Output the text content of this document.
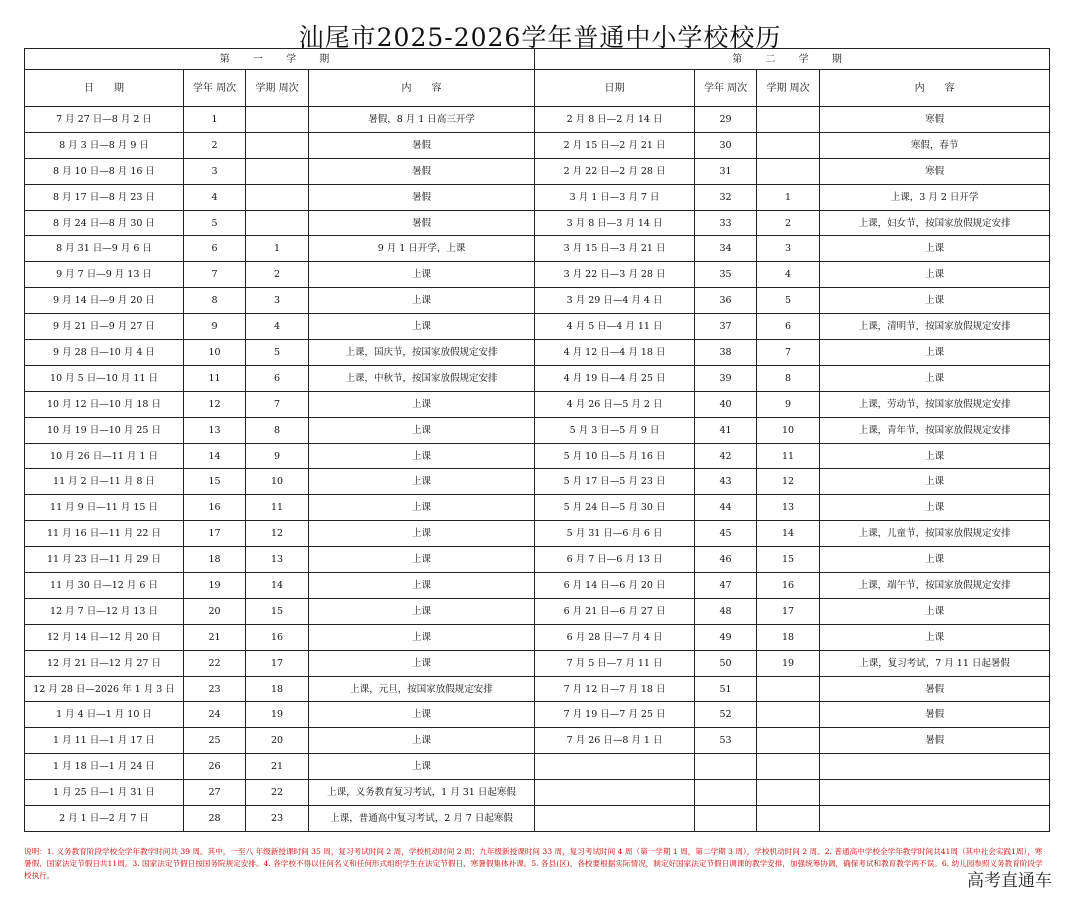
汕尾市2025-2026学年普通中小学校校历
第 一 学 期				第 二 学 期			
日　　期	学年 周次	学期 周次	内　　容	日期	学年 周次	学期 周次	内　　容
7 月 27 日—8 月 2 日	1		暑假，8 月 1 日高三开学	2 月 8 日—2 月 14 日	29		寒假
8 月 3 日—8 月 9 日	2		暑假	2 月 15 日—2 月 21 日	30		寒假，春节
8 月 10 日—8 月 16 日	3		暑假	2 月 22 日—2 月 28 日	31		寒假
8 月 17 日—8 月 23 日	4		暑假	3 月 1 日—3 月 7 日	32	1	上课，3 月 2 日开学
8 月 24 日—8 月 30 日	5		暑假	3 月 8 日—3 月 14 日	33	2	上课，妇女节，按国家放假规定安排
8 月 31 日—9 月 6 日	6	1	9 月 1 日开学，上课	3 月 15 日—3 月 21 日	34	3	上课
9 月 7 日—9 月 13 日	7	2	上课	3 月 22 日—3 月 28 日	35	4	上课
9 月 14 日—9 月 20 日	8	3	上课	3 月 29 日—4 月 4 日	36	5	上课
9 月 21 日—9 月 27 日	9	4	上课	4 月 5 日—4 月 11 日	37	6	上课，清明节，按国家放假规定安排
9 月 28 日—10 月 4 日	10	5	上课，国庆节，按国家放假规定安排	4 月 12 日—4 月 18 日	38	7	上课
10 月 5 日—10 月 11 日	11	6	上课，中秋节，按国家放假规定安排	4 月 19 日—4 月 25 日	39	8	上课
10 月 12 日—10 月 18 日	12	7	上课	4 月 26 日—5 月 2 日	40	9	上课，劳动节，按国家放假规定安排
10 月 19 日—10 月 25 日	13	8	上课	5 月 3 日—5 月 9 日	41	10	上课，青年节，按国家放假规定安排
10 月 26 日—11 月 1 日	14	9	上课	5 月 10 日—5 月 16 日	42	11	上课
11 月 2 日—11 月 8 日	15	10	上课	5 月 17 日—5 月 23 日	43	12	上课
11 月 9 日—11 月 15 日	16	11	上课	5 月 24 日—5 月 30 日	44	13	上课
11 月 16 日—11 月 22 日	17	12	上课	5 月 31 日—6 月 6 日	45	14	上课，儿童节，按国家放假规定安排
11 月 23 日—11 月 29 日	18	13	上课	6 月 7 日—6 月 13 日	46	15	上课
11 月 30 日—12 月 6 日	19	14	上课	6 月 14 日—6 月 20 日	47	16	上课，端午节，按国家放假规定安排
12 月 7 日—12 月 13 日	20	15	上课	6 月 21 日—6 月 27 日	48	17	上课
12 月 14 日—12 月 20 日	21	16	上课	6 月 28 日—7 月 4 日	49	18	上课
12 月 21 日—12 月 27 日	22	17	上课	7 月 5 日—7 月 11 日	50	19	上课，复习考试，7 月 11 日起暑假
12 月 28 日—2026 年 1 月 3 日	23	18	上课，元旦，按国家放假规定安排	7 月 12 日—7 月 18 日	51		暑假
1 月 4 日—1 月 10 日	24	19	上课	7 月 19 日—7 月 25 日	52		暑假
1 月 11 日—1 月 17 日	25	20	上课	7 月 26 日—8 月 1 日	53		暑假
1 月 18 日—1 月 24 日	26	21	上课				
1 月 25 日—1 月 31 日	27	22	上课，义务教育复习考试，1 月 31 日起寒假				
2 月 1 日—2 月 7 日	28	23	上课，普通高中复习考试，2 月 7 日起寒假				
说明：1. 义务教育阶段学校全学年教学时间共 39 周。其中，一至八 年级新授课时间 35 周，复习考试时间 2 周，学校机动时间 2 周；九年级新授课时间 33 周，复习考试时间 4 周（第一学期 1 周，第二学期 3 周），学校机动时间 2 周。2. 普通高中学校全学年教学时间共41周（其中社会实践1周），寒暑假、国家法定节假日共11周。3. 国家法定节假日按国务院规定安排。4. 各学校不得以任何名义和任何形式组织学生在法定节假日、寒暑假集体补课。5. 各县(区)、各校要根据实际情况，制定好国家法定节假日调课的教学安排，加强统筹协调，确保考试和教育教学两不误。6. 幼儿园参照义务教育阶段学校执行。	高考直通车
